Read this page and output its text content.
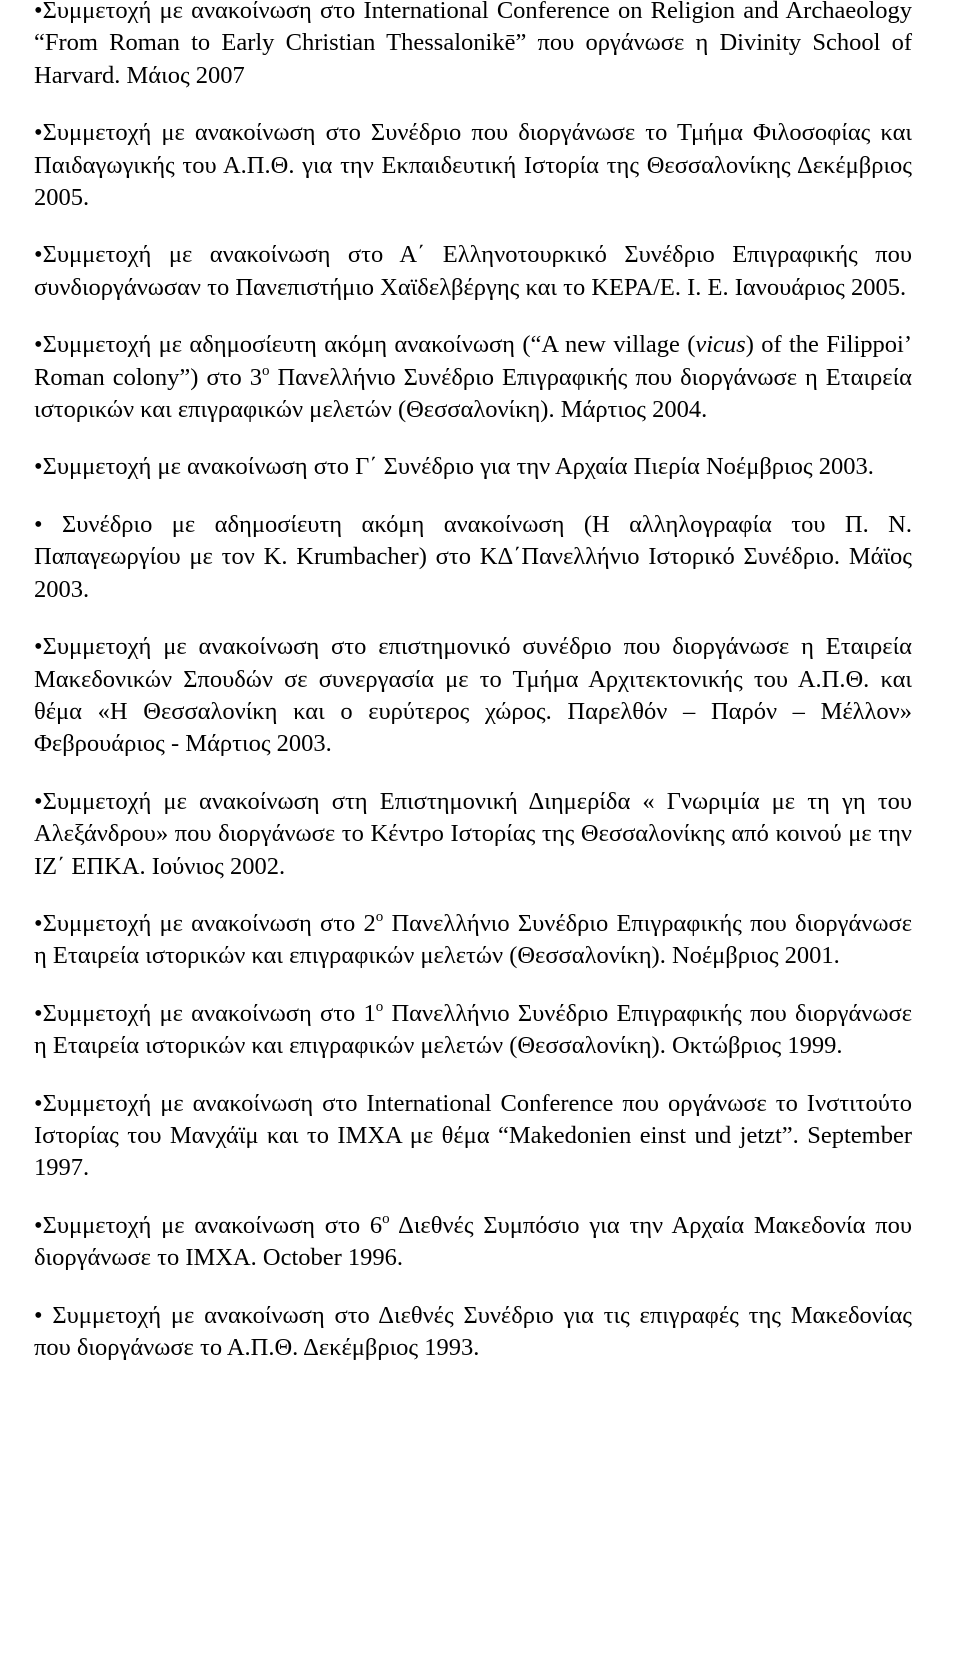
•Συμμετοχή με ανακοίνωση στο International Conference on Religion and Archaeology “From Roman to Early Christian Thessalonikē” που οργάνωσε η Divinity School of Harvard. Μάιος 2007

•Συμμετοχή με ανακοίνωση στο Συνέδριο που διοργάνωσε το Τμήμα Φιλοσοφίας και Παιδαγωγικής του Α.Π.Θ. για την Εκπαιδευτική Ιστορία της Θεσσαλονίκης Δεκέμβριος 2005.

•Συμμετοχή με ανακοίνωση στο Α΄ Ελληνοτουρκικό Συνέδριο Επιγραφικής που συνδιοργάνωσαν το Πανεπιστήμιο Χαϊδελβέργης και το ΚΕΡΑ/Ε. Ι. Ε. Ιανουάριος 2005.

•Συμμετοχή με αδημοσίευτη ακόμη ανακοίνωση (“A new village (vicus) of the Filippoi’ Roman colony”) στο $3^o$ Πανελλήνιο Συνέδριο Επιγραφικής που διοργάνωσε η Εταιρεία ιστορικών και επιγραφικών μελετών (Θεσσαλονίκη). Μάρτιος 2004.

•Συμμετοχή με ανακοίνωση στο Γ΄ Συνέδριο για την Αρχαία Πιερία Νοέμβριος 2003.

• Συνέδριο με αδημοσίευτη ακόμη ανακοίνωση (Η αλληλογραφία του Π. Ν. Παπαγεωργίου με τον K. Krumbacher) στο ΚΔ΄Πανελλήνιο Ιστορικό Συνέδριο. Μάϊος 2003.

•Συμμετοχή με ανακοίνωση στο επιστημονικό συνέδριο που διοργάνωσε η Εταιρεία Μακεδονικών Σπουδών σε συνεργασία με το Τμήμα Αρχιτεκτονικής του Α.Π.Θ. και θέμα «Η Θεσσαλονίκη και ο ευρύτερος χώρος. Παρελθόν – Παρόν – Μέλλον» Φεβρουάριος - Μάρτιος 2003.

•Συμμετοχή με ανακοίνωση στη Επιστημονική Διημερίδα « Γνωριμία με τη γη του Αλεξάνδρου» που διοργάνωσε το Κέντρο Ιστορίας της Θεσσαλονίκης από κοινού με την ΙΖ΄ ΕΠΚΑ. Ιούνιος 2002.

•Συμμετοχή με ανακοίνωση στο $2^o$ Πανελλήνιο Συνέδριο Επιγραφικής που διοργάνωσε η Εταιρεία ιστορικών και επιγραφικών μελετών (Θεσσαλονίκη). Νοέμβριος 2001.

•Συμμετοχή με ανακοίνωση στο $1^o$ Πανελλήνιο Συνέδριο Επιγραφικής που διοργάνωσε η Εταιρεία ιστορικών και επιγραφικών μελετών (Θεσσαλονίκη). Οκτώβριος 1999.

•Συμμετοχή με ανακοίνωση στο International Conference που οργάνωσε το Ινστιτούτο Ιστορίας του Μανχάϊμ και το ΙΜΧΑ με θέμα “Makedonien einst und jetzt”. September 1997.

•Συμμετοχή με ανακοίνωση στο $6^o$ Διεθνές Συμπόσιο για την Αρχαία Μακεδονία που διοργάνωσε το ΙΜΧΑ. October 1996.

• Συμμετοχή με ανακοίνωση στο Διεθνές Συνέδριο για τις επιγραφές της Μακεδονίας που διοργάνωσε το Α.Π.Θ. Δεκέμβριος 1993.
